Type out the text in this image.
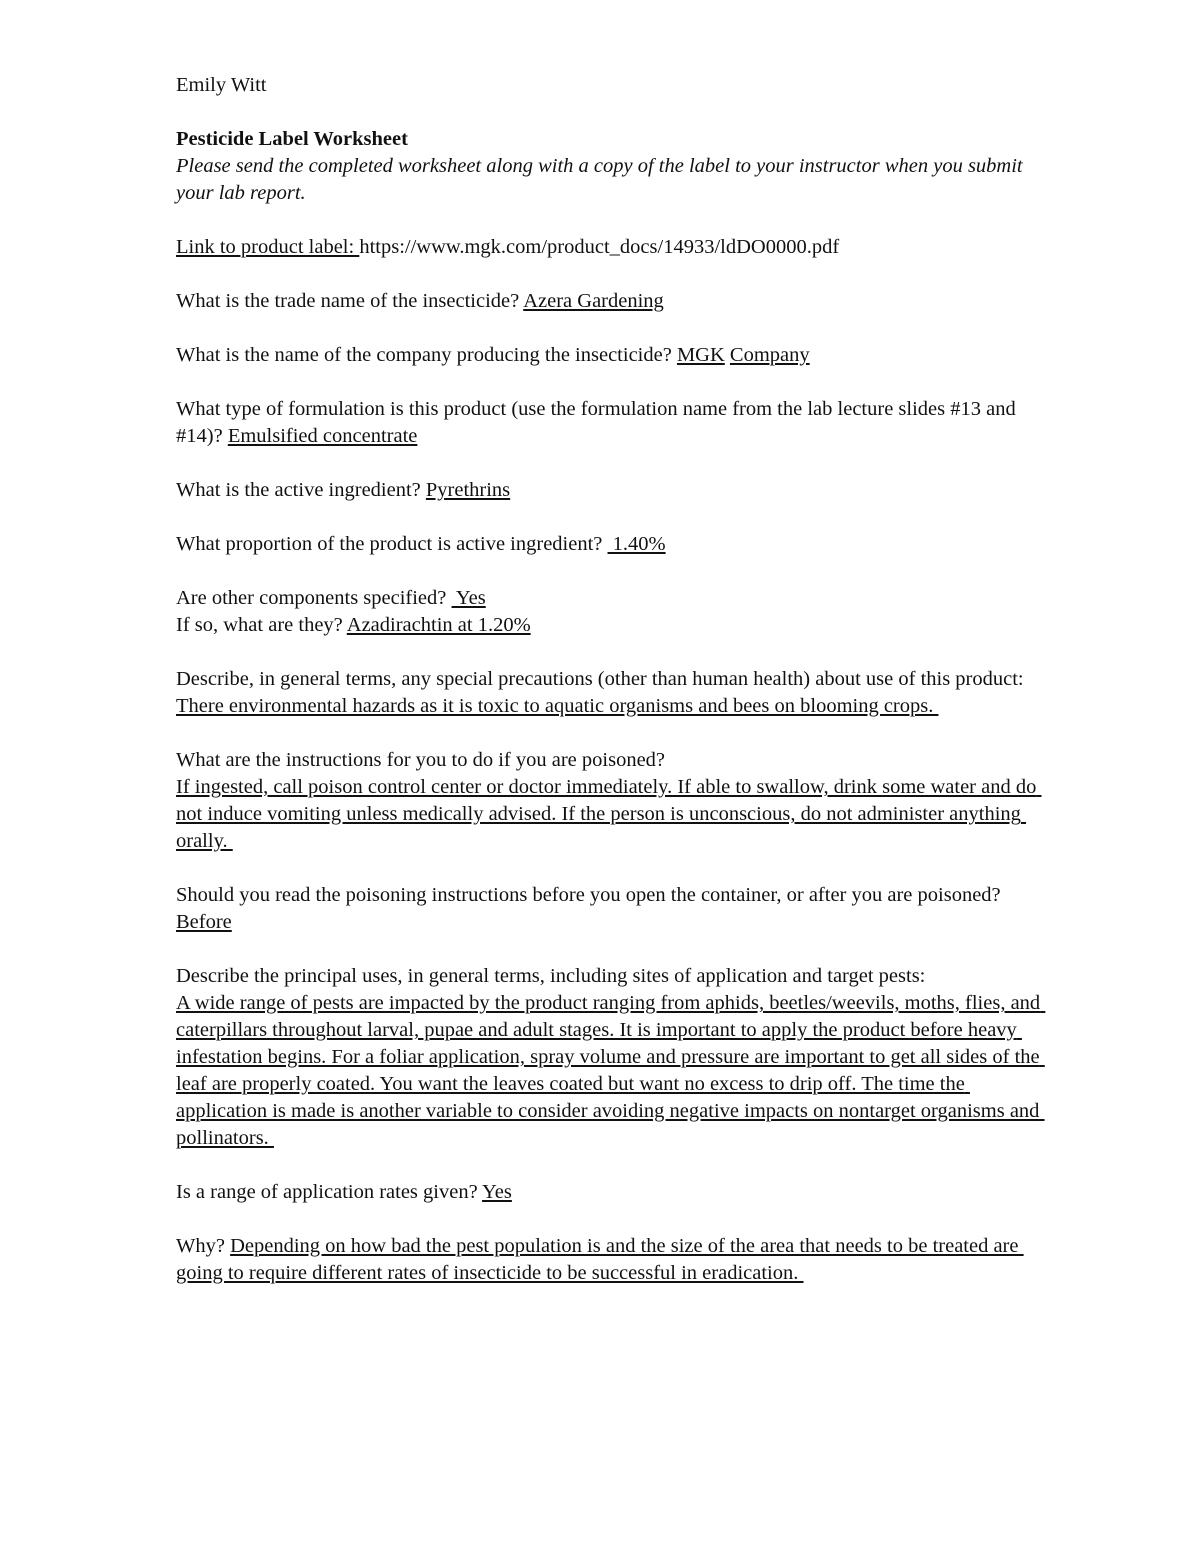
Emily Witt

Pesticide Label Worksheet

Please send the completed worksheet along with a copy of the label to your instructor when you submit your lab report.

Link to product label: https://www.mgk.com/product_docs/14933/ldDO0000.pdf

What is the trade name of the insecticide? Azera Gardening

What is the name of the company producing the insecticide? MGK Company

What type of formulation is this product (use the formulation name from the lab lecture slides #13 and #14)? Emulsified concentrate

What is the active ingredient? Pyrethrins

What proportion of the product is active ingredient?  1.40%

Are other components specified?  Yes

If so, what are they? Azadirachtin at 1.20%

Describe, in general terms, any special precautions (other than human health) about use of this product: There environmental hazards as it is toxic to aquatic organisms and bees on blooming crops.

What are the instructions for you to do if you are poisoned?

If ingested, call poison control center or doctor immediately. If able to swallow, drink some water and do not induce vomiting unless medically advised. If the person is unconscious, do not administer anything orally.

Should you read the poisoning instructions before you open the container, or after you are poisoned? Before

Describe the principal uses, in general terms, including sites of application and target pests:

A wide range of pests are impacted by the product ranging from aphids, beetles/weevils, moths, flies, and caterpillars throughout larval, pupae and adult stages. It is important to apply the product before heavy infestation begins. For a foliar application, spray volume and pressure are important to get all sides of the leaf are properly coated. You want the leaves coated but want no excess to drip off. The time the application is made is another variable to consider avoiding negative impacts on nontarget organisms and pollinators.

Is a range of application rates given? Yes

Why? Depending on how bad the pest population is and the size of the area that needs to be treated are going to require different rates of insecticide to be successful in eradication.
